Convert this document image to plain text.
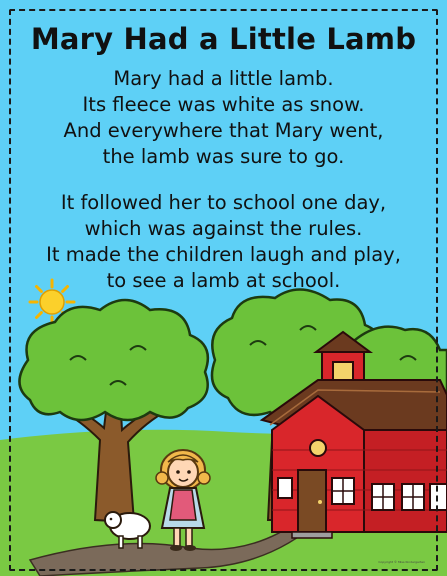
Mary Had a Little Lamb
Mary had a little lamb.
Its fleece was white as snow.
And everywhere that Mary went,
the lamb was sure to go.
It followed her to school one day,
which was against the rules.
It made the children laugh and play,
to see a lamb at school.
Copyright © Miss Kindergarten
